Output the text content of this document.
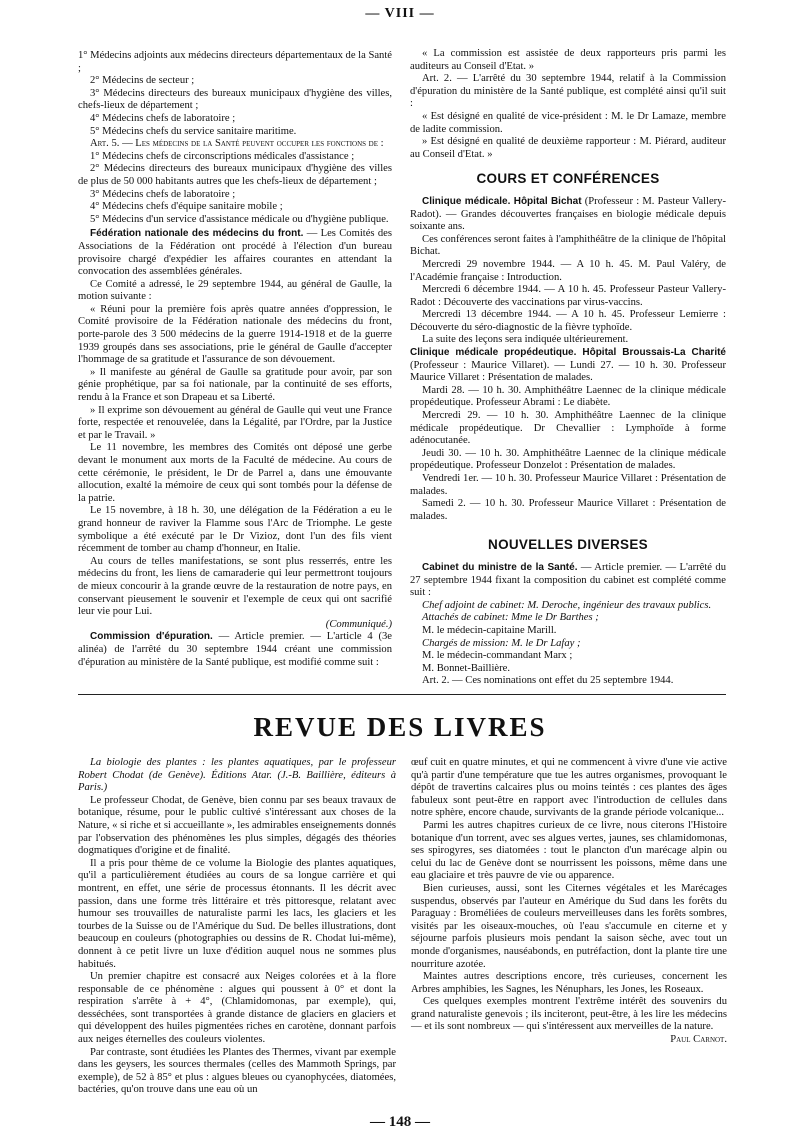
— VIII —

1° Médecins adjoints aux médecins directeurs départementaux de la Santé ;

2° Médecins de secteur ;

3° Médecins directeurs des bureaux municipaux d'hygiène des villes, chefs-lieux de département ;

4° Médecins chefs de laboratoire ;

5° Médecins chefs du service sanitaire maritime.

Art. 5. — Les médecins de la Santé peuvent occuper les fonctions de :

1° Médecins chefs de circonscriptions médicales d'assistance ;

2° Médecins directeurs des bureaux municipaux d'hygiène des villes de plus de 50 000 habitants autres que les chefs-lieux de département ;

3° Médecins chefs de laboratoire ;

4° Médecins chefs d'équipe sanitaire mobile ;

5° Médecins d'un service d'assistance médicale ou d'hygiène publique.

Fédération nationale des médecins du front. — Les Comités des Associations de la Fédération ont procédé à l'élection d'un bureau provisoire chargé d'expédier les affaires courantes en attendant la convocation des assemblées générales.

Ce Comité a adressé, le 29 septembre 1944, au général de Gaulle, la motion suivante :

« Réuni pour la première fois après quatre années d'oppression, le Comité provisoire de la Fédération nationale des médecins du front, porte-parole des 3 500 médecins de la guerre 1914-1918 et de la guerre 1939 groupés dans ses associations, prie le général de Gaulle d'accepter l'hommage de sa gratitude et l'assurance de son dévouement.

» Il manifeste au général de Gaulle sa gratitude pour avoir, par son génie prophétique, par sa foi nationale, par la continuité de ses efforts, rendu à la France et son Drapeau et sa Liberté.

» Il exprime son dévouement au général de Gaulle qui veut une France forte, respectée et renouvelée, dans la Légalité, par l'Ordre, par la Justice et par le Travail. »

Le 11 novembre, les membres des Comités ont déposé une gerbe devant le monument aux morts de la Faculté de médecine. Au cours de cette cérémonie, le président, le Dr de Parrel a, dans une émouvante allocution, exalté la mémoire de ceux qui sont tombés pour la défense de la patrie.

Le 15 novembre, à 18 h. 30, une délégation de la Fédération a eu le grand honneur de raviver la Flamme sous l'Arc de Triomphe. Le geste symbolique a été exécuté par le Dr Vizioz, dont l'un des fils vient récemment de tomber au champ d'honneur, en Italie.

Au cours de telles manifestations, se sont plus resserrés, entre les médecins du front, les liens de camaraderie qui leur permettront toujours de mieux concourir à la grande œuvre de la restauration de notre pays, en conservant pieusement le souvenir et l'exemple de ceux qui ont sacrifié leur vie pour Lui.

(Communiqué.)

Commission d'épuration. — Article premier. — L'article 4 (3e alinéa) de l'arrêté du 30 septembre 1944 créant une commission d'épuration au ministère de la Santé publique, est modifié comme suit :

« La commission est assistée de deux rapporteurs pris parmi les auditeurs au Conseil d'Etat. »

Art. 2. — L'arrêté du 30 septembre 1944, relatif à la Commission d'épuration du ministère de la Santé publique, est complété ainsi qu'il suit :

« Est désigné en qualité de vice-président : M. le Dr Lamaze, membre de ladite commission.

» Est désigné en qualité de deuxième rapporteur : M. Piérard, auditeur au Conseil d'Etat. »

COURS ET CONFÉRENCES

Clinique médicale. Hôpital Bichat (Professeur : M. Pasteur Vallery-Radot). — Grandes découvertes françaises en biologie médicale depuis soixante ans.

Ces conférences seront faites à l'amphithéâtre de la clinique de l'hôpital Bichat.

Mercredi 29 novembre 1944. — A 10 h. 45. M. Paul Valéry, de l'Académie française : Introduction.

Mercredi 6 décembre 1944. — A 10 h. 45. Professeur Pasteur Vallery-Radot : Découverte des vaccinations par virus-vaccins.

Mercredi 13 décembre 1944. — A 10 h. 45. Professeur Lemierre : Découverte du séro-diagnostic de la fièvre typhoïde.

La suite des leçons sera indiquée ultérieurement.

Clinique médicale propédeutique. Hôpital Broussais-La Charité (Professeur : Maurice Villaret). — Lundi 27. — 10 h. 30. Professeur Maurice Villaret : Présentation de malades.

Mardi 28. — 10 h. 30. Amphithéâtre Laennec de la clinique médicale propédeutique. Professeur Abrami : Le diabète.

Mercredi 29. — 10 h. 30. Amphithéâtre Laennec de la clinique médicale propédeutique. Dr Chevallier : Lymphoïde à forme adénocutanée.

Jeudi 30. — 10 h. 30. Amphithéâtre Laennec de la clinique médicale propédeutique. Professeur Donzelot : Présentation de malades.

Vendredi 1er. — 10 h. 30. Professeur Maurice Villaret : Présentation de malades.

Samedi 2. — 10 h. 30. Professeur Maurice Villaret : Présentation de malades.

NOUVELLES DIVERSES

Cabinet du ministre de la Santé. — Article premier. — L'arrêté du 27 septembre 1944 fixant la composition du cabinet est complété comme suit :

Chef adjoint de cabinet: M. Deroche, ingénieur des travaux publics.

Attachés de cabinet: Mme le Dr Barthes ;

M. le médecin-capitaine Marill.

Chargés de mission: M. le Dr Lafay ;

M. le médecin-commandant Marx ;

M. Bonnet-Baillière.

Art. 2. — Ces nominations ont effet du 25 septembre 1944.

REVUE DES LIVRES

La biologie des plantes : les plantes aquatiques, par le professeur Robert Chodat (de Genève). Éditions Atar. (J.-B. Baillière, éditeurs à Paris.)

Le professeur Chodat, de Genève, bien connu par ses beaux travaux de botanique, résume, pour le public cultivé s'intéressant aux choses de la Nature, « si riche et si accueillante », les admirables enseignements donnés par l'observation des phénomènes les plus simples, dégagés des théories dogmatiques d'origine et de finalité.

Il a pris pour thème de ce volume la Biologie des plantes aquatiques, qu'il a particulièrement étudiées au cours de sa longue carrière et qui montrent, en effet, une série de processus étonnants. Il les décrit avec passion, dans une forme très littéraire et très pittoresque, relatant avec humour ses trouvailles de naturaliste parmi les lacs, les glaciers et les tourbes de la Suisse ou de l'Amérique du Sud. De belles illustrations, dont beaucoup en couleurs (photographies ou dessins de R. Chodat lui-même), donnent à ce petit livre un luxe d'édition auquel nous ne sommes plus habitués.

Un premier chapitre est consacré aux Neiges colorées et à la flore responsable de ce phénomène : algues qui poussent à 0° et dont la respiration s'arrête à + 4°, (Chlamidomonas, par exemple), qui, desséchées, sont transportées à grande distance de glaciers en glaciers et qui développent des huiles pigmentées riches en carotène, donnant parfois aux neiges éternelles des couleurs violentes.

Par contraste, sont étudiées les Plantes des Thermes, vivant par exemple dans les geysers, les sources thermales (celles des Mammoth Springs, par exemple), de 52 à 85° et plus : algues bleues ou cyanophycées, diatomées, bactéries, qu'on trouve dans une eau où un

œuf cuit en quatre minutes, et qui ne commencent à vivre d'une vie active qu'à partir d'une température que tue les autres organismes, provoquant le dépôt de travertins calcaires plus ou moins teintés : ces plantes des âges fabuleux sont peut-être en rapport avec l'introduction de cellules dans notre sphère, encore chaude, survivants de la grande période volcanique...

Parmi les autres chapitres curieux de ce livre, nous citerons l'Histoire botanique d'un torrent, avec ses algues vertes, jaunes, ses chlamidomonas, ses spirogyres, ses diatomées : tout le plancton d'un marécage alpin ou celui du lac de Genève dont se nourrissent les poissons, même dans une eau glaciaire et très pauvre de vie ou apparence.

Bien curieuses, aussi, sont les Citernes végétales et les Marécages suspendus, observés par l'auteur en Amérique du Sud dans les forêts du Paraguay : Broméliées de couleurs merveilleuses dans les forêts sombres, visités par les oiseaux-mouches, où l'eau s'accumule en citerne et y séjourne parfois plusieurs mois pendant la saison sèche, avec tout un monde d'organismes, nauséabonds, en putréfaction, dont la plante tire une nourriture azotée.

Maintes autres descriptions encore, très curieuses, concernent les Arbres amphibies, les Sagnes, les Nénuphars, les Jones, les Roseaux.

Ces quelques exemples montrent l'extrême intérêt des souvenirs du grand naturaliste genevois ; ils inciteront, peut-être, à les lire les médecins — et ils sont nombreux — qui s'intéressent aux merveilles de la nature.

Paul Carnot.

— 148 —
